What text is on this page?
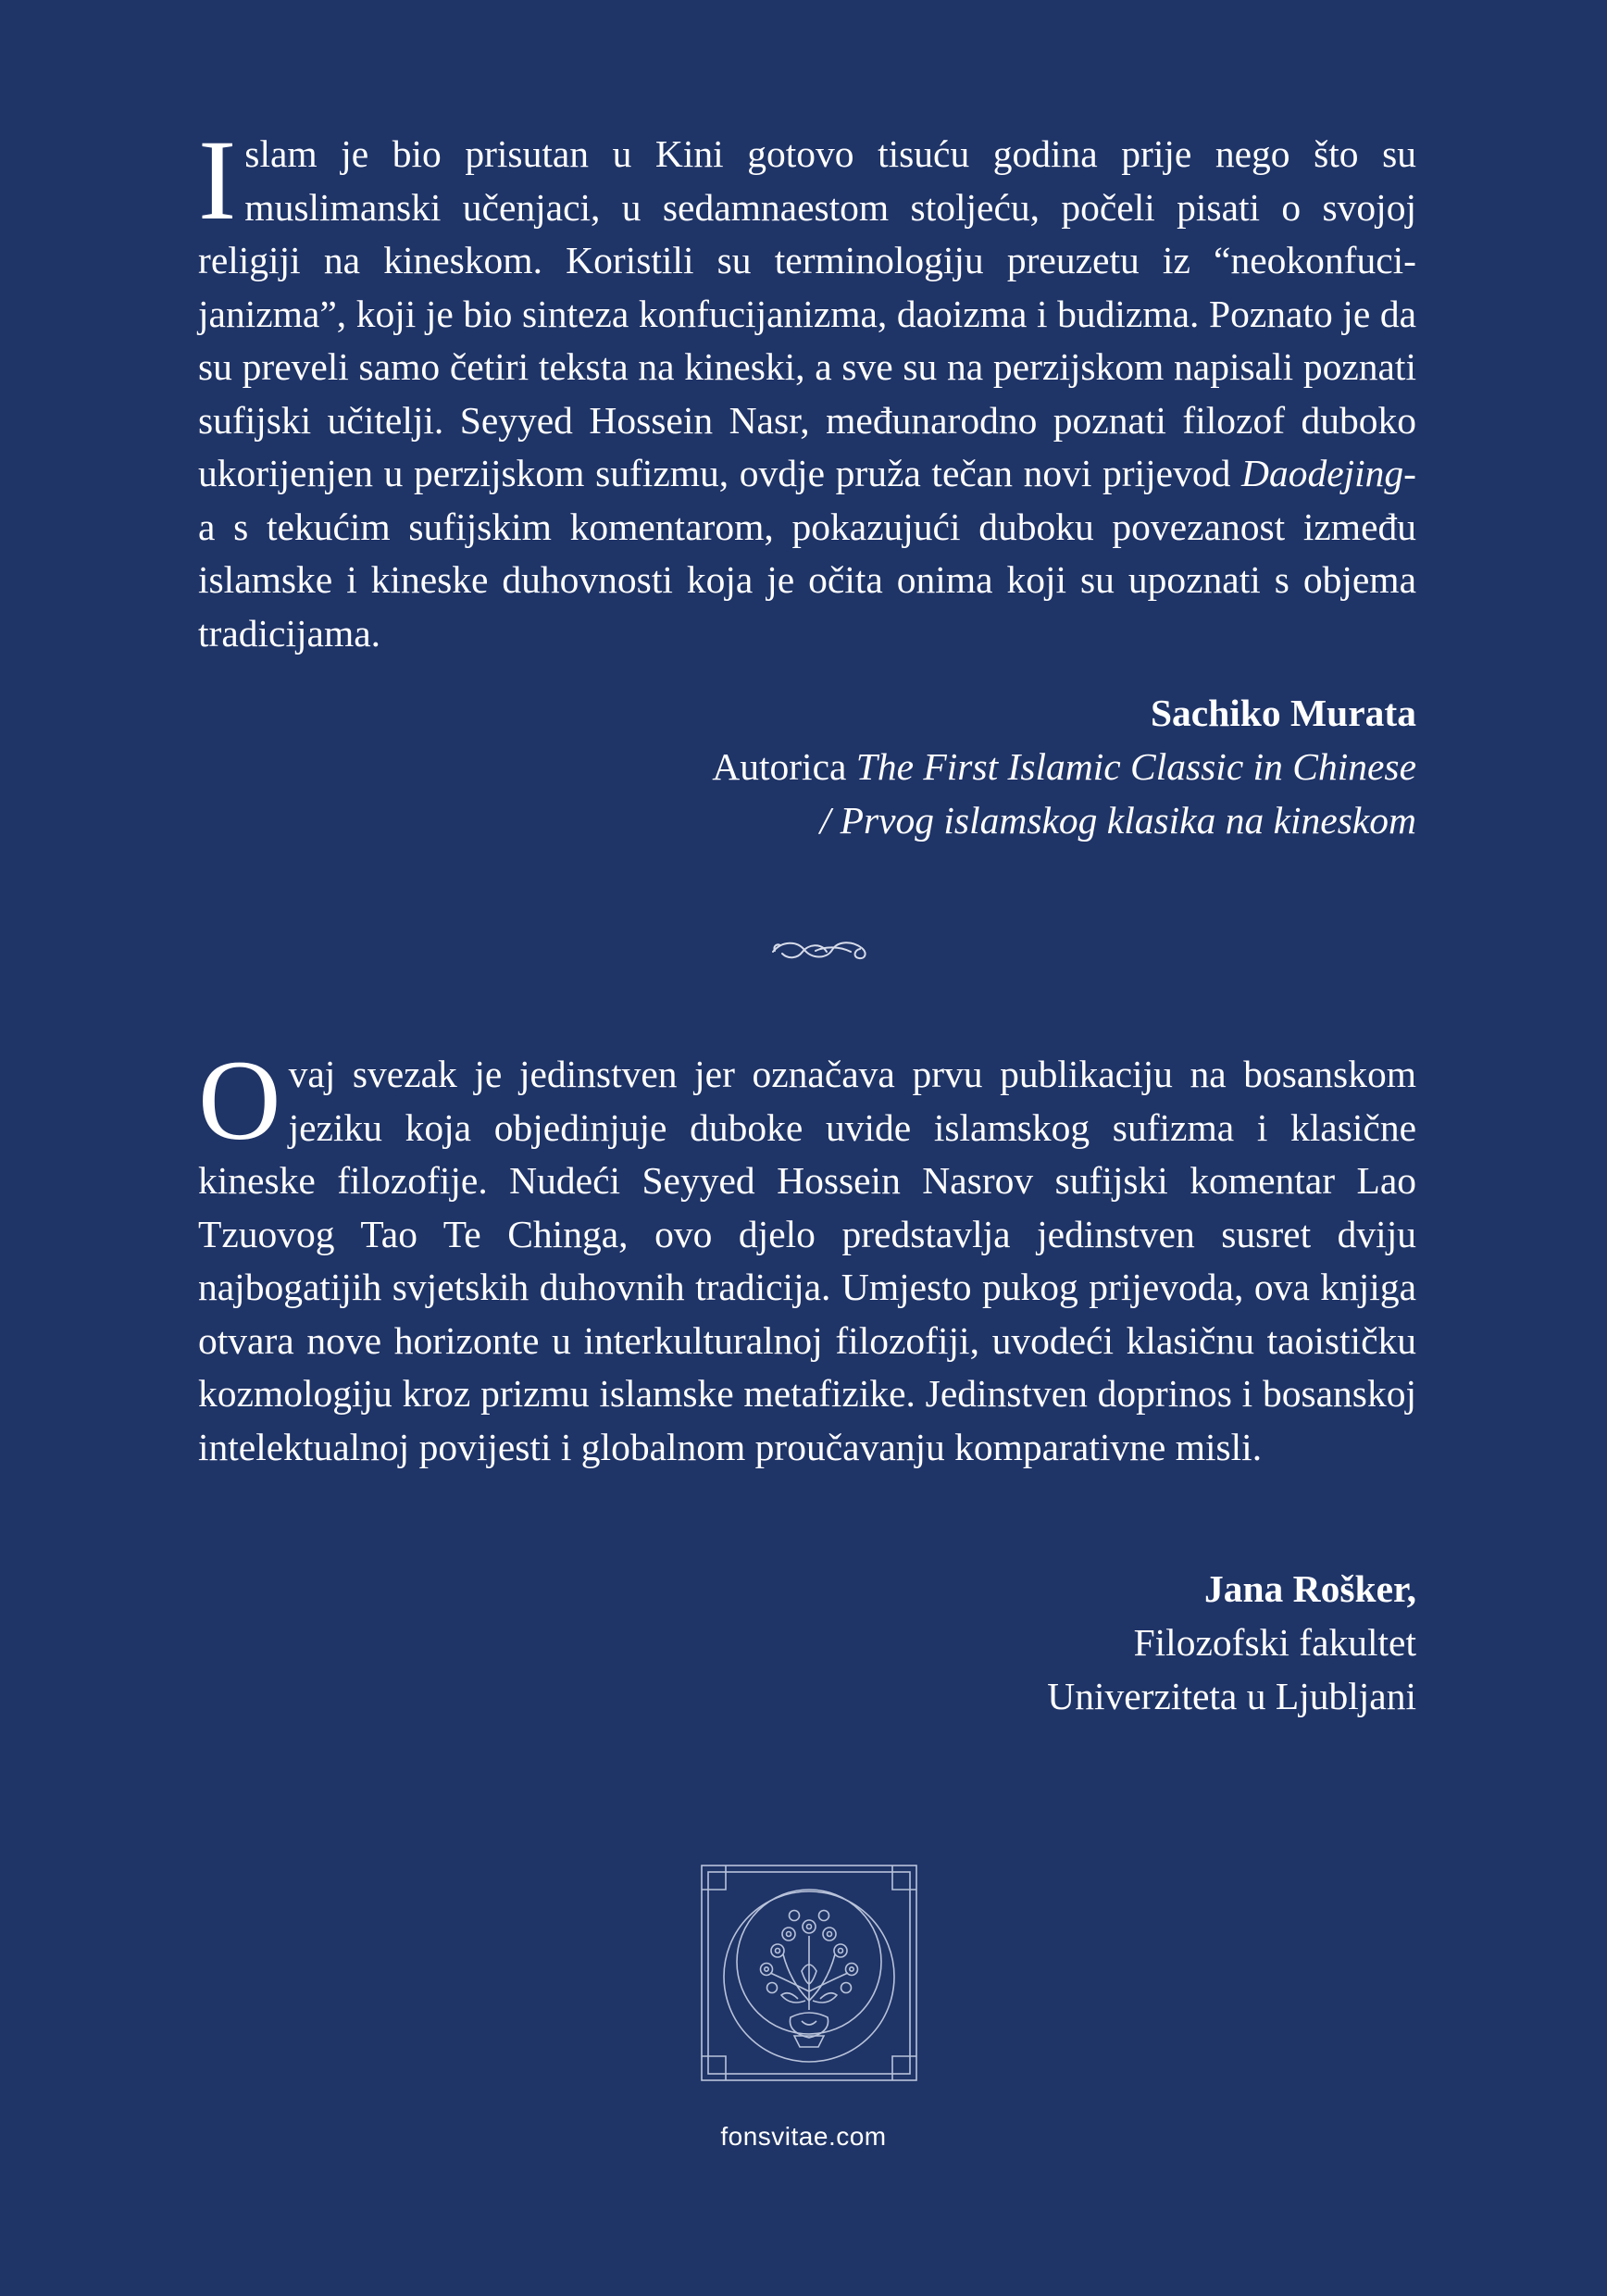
Islam je bio prisutan u Kini gotovo tisuću godina prije nego što su muslimanski učenjaci, u sedamnaestom stoljeću, počeli pisati o svojoj religiji na kineskom. Koristili su terminologiju preuzetu iz “neokonfucijanizma”, koji je bio sinteza konfucijanizma, daoizma i budizma. Poznato je da su preveli samo četiri teksta na kineski, a sve su na perzijskom napisali poznati sufijski učitelji. Seyyed Hossein Nasr, međunarodno poznati filozof duboko ukorijenjen u perzijskom sufizmu, ovdje pruža tečan novi prijevod Daodejing-a s tekućim sufijskim komentarom, pokazujući duboku povezanost između islamske i kineske duhovnosti koja je očita onima koji su upoznati s objema tradicijama.

Sachiko Murata
Autorica The First Islamic Classic in Chinese
/ Prvog islamskog klasika na kineskom

Ovaj svezak je jedinstven jer označava prvu publikaciju na bosanskom jeziku koja objedinjuje duboke uvide islamskog sufizma i klasične kineske filozofije. Nudeći Seyyed Hossein Nasrov sufijski komentar Lao Tzuovog Tao Te Chinga, ovo djelo predstavlja jedinstven susret dviju najbogatijih svjetskih duhovnih tradicija. Umjesto pukog prijevoda, ova knjiga otvara nove horizonte u interkulturalnoj filozofiji, uvodeći klasičnu taoističku kozmologiju kroz prizmu islamske metafizike. Jedinstven doprinos i bosanskoj intelektualnoj povijesti i globalnom proučavanju komparativne misli.

Jana Rošker,
Filozofski fakultet
Univerziteta u Ljubljani
fonsvitae.com
